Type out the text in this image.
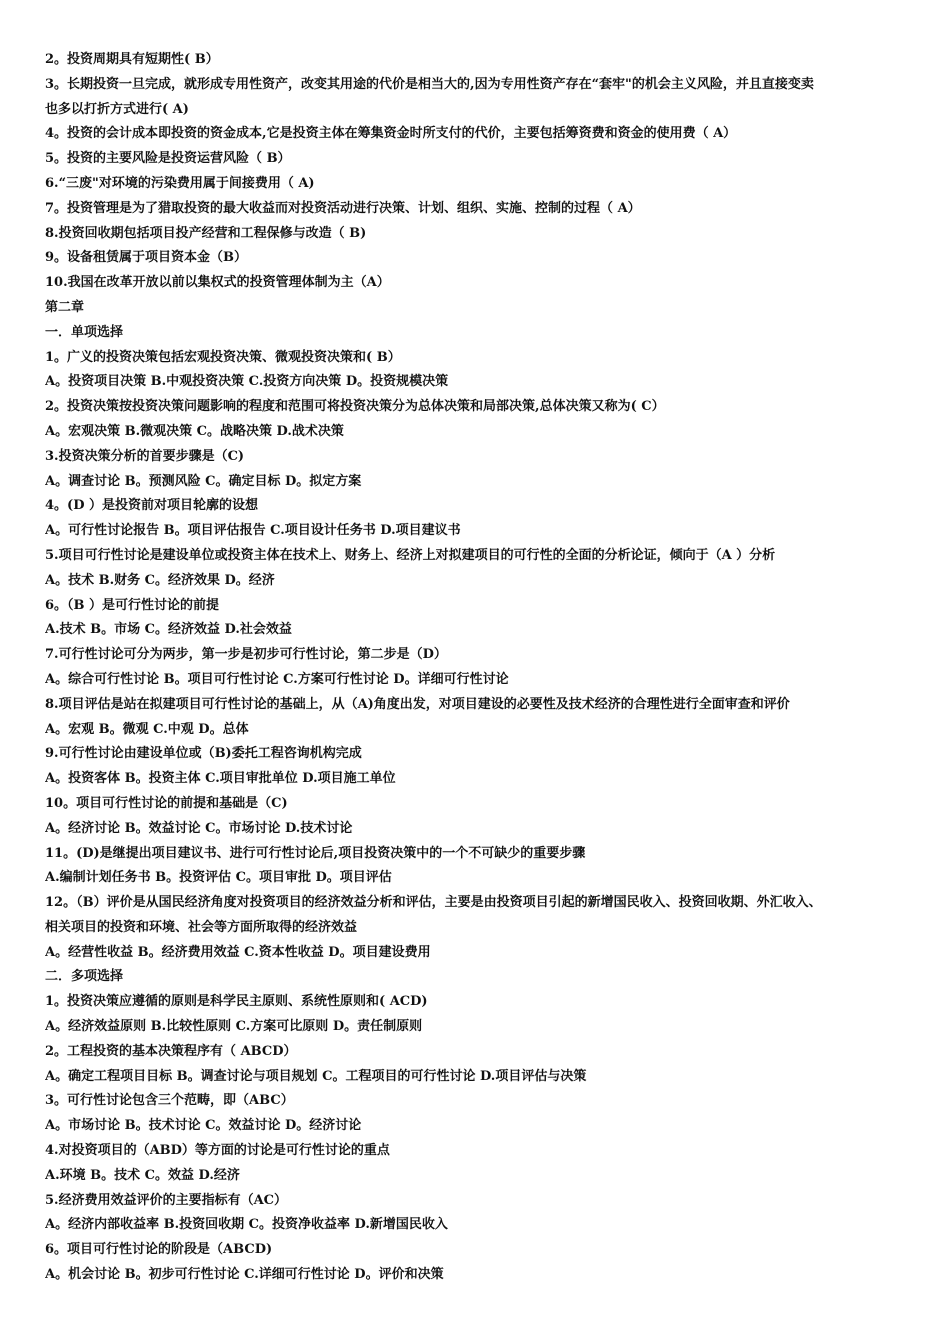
2。投资周期具有短期性( B）
3。长期投资一旦完成，就形成专用性资产，改变其用途的代价是相当大的,因为专用性资产存在“套牢"的机会主义风险，并且直接变卖
也多以打折方式进行( A)
4。投资的会计成本即投资的资金成本,它是投资主体在筹集资金时所支付的代价，主要包括筹资费和资金的使用费（ A）
5。投资的主要风险是投资运营风险（ B）
6.“三废"对环境的污染费用属于间接费用（ A)
7。投资管理是为了猎取投资的最大收益而对投资活动进行决策、计划、组织、实施、控制的过程（ A）
8.投资回收期包括项目投产经营和工程保修与改造（ B)
9。设备租赁属于项目资本金（B）
10.我国在改革开放以前以集权式的投资管理体制为主（A）
第二章
一．单项选择
1。广义的投资决策包括宏观投资决策、微观投资决策和( B）
A。投资项目决策 B.中观投资决策 C.投资方向决策 D。投资规模决策
2。投资决策按投资决策问题影响的程度和范围可将投资决策分为总体决策和局部决策,总体决策又称为( C）
A。宏观决策 B.微观决策 C。战略决策 D.战术决策
3.投资决策分析的首要步骤是（C)
A。调查讨论 B。预测风险 C。确定目标 D。拟定方案
4。(D ）是投资前对项目轮廓的设想
A。可行性讨论报告 B。项目评估报告 C.项目设计任务书 D.项目建议书
5.项目可行性讨论是建设单位或投资主体在技术上、财务上、经济上对拟建项目的可行性的全面的分析论证，倾向于（A ）分析
A。技术 B.财务 C。经济效果 D。经济
6。（B ）是可行性讨论的前提
A.技术 B。市场 C。经济效益 D.社会效益
7.可行性讨论可分为两步，第一步是初步可行性讨论，第二步是（D）
A。综合可行性讨论 B。项目可行性讨论 C.方案可行性讨论 D。详细可行性讨论
8.项目评估是站在拟建项目可行性讨论的基础上，从（A)角度出发，对项目建设的必要性及技术经济的合理性进行全面审查和评价
A。宏观 B。微观 C.中观 D。总体
9.可行性讨论由建设单位或（B)委托工程咨询机构完成
A。投资客体 B。投资主体 C.项目审批单位 D.项目施工单位
10。项目可行性讨论的前提和基础是（C)
A。经济讨论 B。效益讨论 C。市场讨论 D.技术讨论
11。(D)是继提出项目建议书、进行可行性讨论后,项目投资决策中的一个不可缺少的重要步骤
A.编制计划任务书 B。投资评估 C。项目审批 D。项目评估
12。（B）评价是从国民经济角度对投资项目的经济效益分析和评估，主要是由投资项目引起的新增国民收入、投资回收期、外汇收入、
相关项目的投资和环境、社会等方面所取得的经济效益
A。经营性收益 B。经济费用效益 C.资本性收益 D。项目建设费用
二．多项选择
1。投资决策应遵循的原则是科学民主原则、系统性原则和( ACD)
A。经济效益原则 B.比较性原则 C.方案可比原则 D。责任制原则
2。工程投资的基本决策程序有（ ABCD）
A。确定工程项目目标 B。调查讨论与项目规划 C。工程项目的可行性讨论 D.项目评估与决策
3。可行性讨论包含三个范畴，即（ABC）
A。市场讨论 B。技术讨论 C。效益讨论 D。经济讨论
4.对投资项目的（ABD）等方面的讨论是可行性讨论的重点
A.环境 B。技术 C。效益 D.经济
5.经济费用效益评价的主要指标有（AC）
A。经济内部收益率 B.投资回收期 C。投资净收益率 D.新增国民收入
6。项目可行性讨论的阶段是（ABCD)
A。机会讨论 B。初步可行性讨论 C.详细可行性讨论 D。评价和决策
